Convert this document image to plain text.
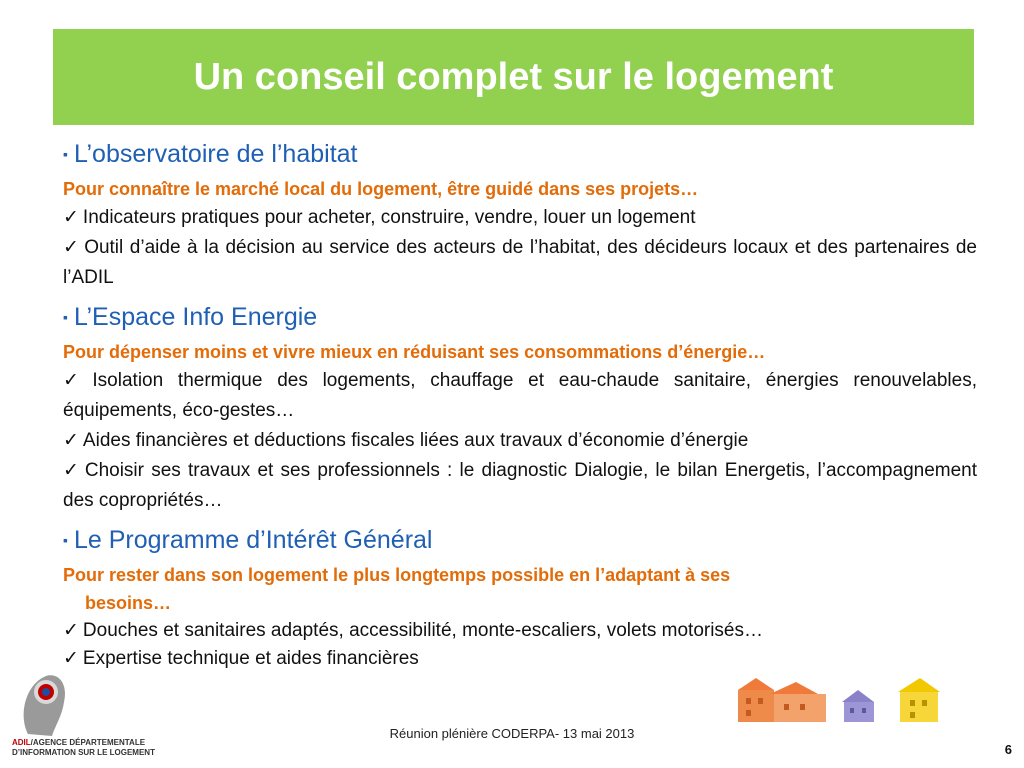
Un conseil complet sur le logement
▪ L’observatoire de l’habitat
Pour connaître le marché local du logement, être guidé dans ses projets…
✓ Indicateurs pratiques pour acheter, construire, vendre, louer un logement
✓ Outil d’aide à la décision au service des acteurs de l’habitat, des décideurs locaux et des partenaires de l’ADIL
▪ L’Espace Info Energie
Pour dépenser moins et vivre mieux en réduisant ses consommations d’énergie…
✓ Isolation thermique des logements, chauffage et eau-chaude sanitaire, énergies renouvelables, équipements, éco-gestes…
✓ Aides financières et déductions fiscales liées aux travaux d’économie d’énergie
✓ Choisir ses travaux et ses professionnels : le diagnostic Dialogie, le bilan Energetis, l’accompagnement des copropriétés…
▪ Le Programme d’Intérêt Général
Pour rester dans son logement le plus longtemps possible en l’adaptant à ses
besoins…
✓ Douches et sanitaires adaptés, accessibilité, monte-escaliers, volets motorisés…
✓ Expertise technique et aides financières
ADIL/AGENCE DÉPARTEMENTALE
D’INFORMATION SUR LE LOGEMENT
Réunion plénière CODERPA- 13 mai 2013
6
